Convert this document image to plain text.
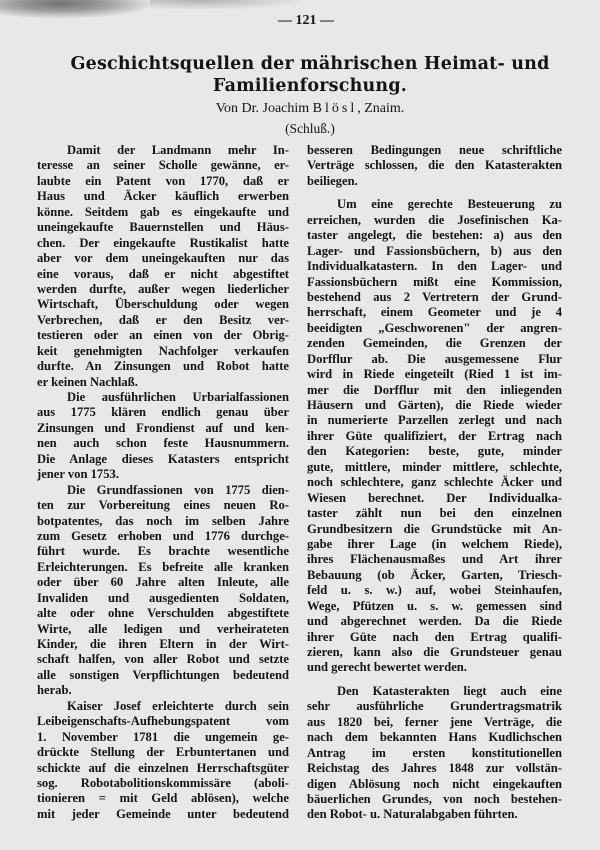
— 121 —
Geschichtsquellen der mährischen Heimat- und
Familienforschung.
Von Dr. Joachim Blösl, Znaim.
(Schluß.)
Damit der Landmann mehr In-
teresse an seiner Scholle gewänne, er-
laubte ein Patent von 1770, daß er
Haus und Äcker käuflich erwerben
könne. Seitdem gab es eingekaufte und
uneingekaufte Bauernstellen und Häus-
chen. Der eingekaufte Rustikalist hatte
aber vor dem uneingekauften nur das
eine voraus, daß er nicht abgestiftet
werden durfte, außer wegen liederlicher
Wirtschaft, Überschuldung oder wegen
Verbrechen, daß er den Besitz ver-
testieren oder an einen von der Obrig-
keit genehmigten Nachfolger verkaufen
durfte. An Zinsungen und Robot hatte
er keinen Nachlaß.
Die ausführlichen Urbarialfassionen
aus 1775 klären endlich genau über
Zinsungen und Frondienst auf und ken-
nen auch schon feste Hausnummern.
Die Anlage dieses Katasters entspricht
jener von 1753.
Die Grundfassionen von 1775 dien-
ten zur Vorbereitung eines neuen Ro-
botpatentes, das noch im selben Jahre
zum Gesetz erhoben und 1776 durchge-
führt wurde. Es brachte wesentliche
Erleichterungen. Es befreite alle kranken
oder über 60 Jahre alten Inleute, alle
Invaliden und ausgedienten Soldaten,
alte oder ohne Verschulden abgestiftete
Wirte, alle ledigen und verheirateten
Kinder, die ihren Eltern in der Wirt-
schaft halfen, von aller Robot und setzte
alle sonstigen Verpflichtungen bedeutend
herab.
Kaiser Josef erleichterte durch sein
Leibeigenschafts-Aufhebungspatent vom
1. November 1781 die ungemein ge-
drückte Stellung der Erbuntertanen und
schickte auf die einzelnen Herrschaftsgüter
sog. Robotabolitionskommissäre (aboli-
tionieren = mit Geld ablösen), welche
mit jeder Gemeinde unter bedeutend
besseren Bedingungen neue schriftliche
Verträge schlossen, die den Katasterakten
beiliegen.
Um eine gerechte Besteuerung zu
erreichen, wurden die Josefinischen Ka-
taster angelegt, die bestehen: a) aus den
Lager- und Fassionsbüchern, b) aus den
Individualkatastern. In den Lager- und
Fassionsbüchern mißt eine Kommission,
bestehend aus 2 Vertretern der Grund-
herrschaft, einem Geometer und je 4
beeidigten „Geschworenen" der angren-
zenden Gemeinden, die Grenzen der
Dorfflur ab. Die ausgemessene Flur
wird in Riede eingeteilt (Ried 1 ist im-
mer die Dorfflur mit den inliegenden
Häusern und Gärten), die Riede wieder
in numerierte Parzellen zerlegt und nach
ihrer Güte qualifiziert, der Ertrag nach
den Kategorien: beste, gute, minder
gute, mittlere, minder mittlere, schlechte,
noch schlechtere, ganz schlechte Äcker und
Wiesen berechnet. Der Individualka-
taster zählt nun bei den einzelnen
Grundbesitzern die Grundstücke mit An-
gabe ihrer Lage (in welchem Riede),
ihres Flächenausmaßes und Art ihrer
Bebauung (ob Äcker, Garten, Triesch-
feld u. s. w.) auf, wobei Steinhaufen,
Wege, Pfützen u. s. w. gemessen sind
und abgerechnet werden. Da die Riede
ihrer Güte nach den Ertrag qualifi-
zieren, kann also die Grundsteuer genau
und gerecht bewertet werden.
Den Katasterakten liegt auch eine
sehr ausführliche Grundertragsmatrik
aus 1820 bei, ferner jene Verträge, die
nach dem bekannten Hans Kudlichschen
Antrag im ersten konstitutionellen
Reichstag des Jahres 1848 zur vollstän-
digen Ablösung noch nicht eingekauften
bäuerlichen Grundes, von noch bestehen-
den Robot- u. Naturalabgaben führten.
